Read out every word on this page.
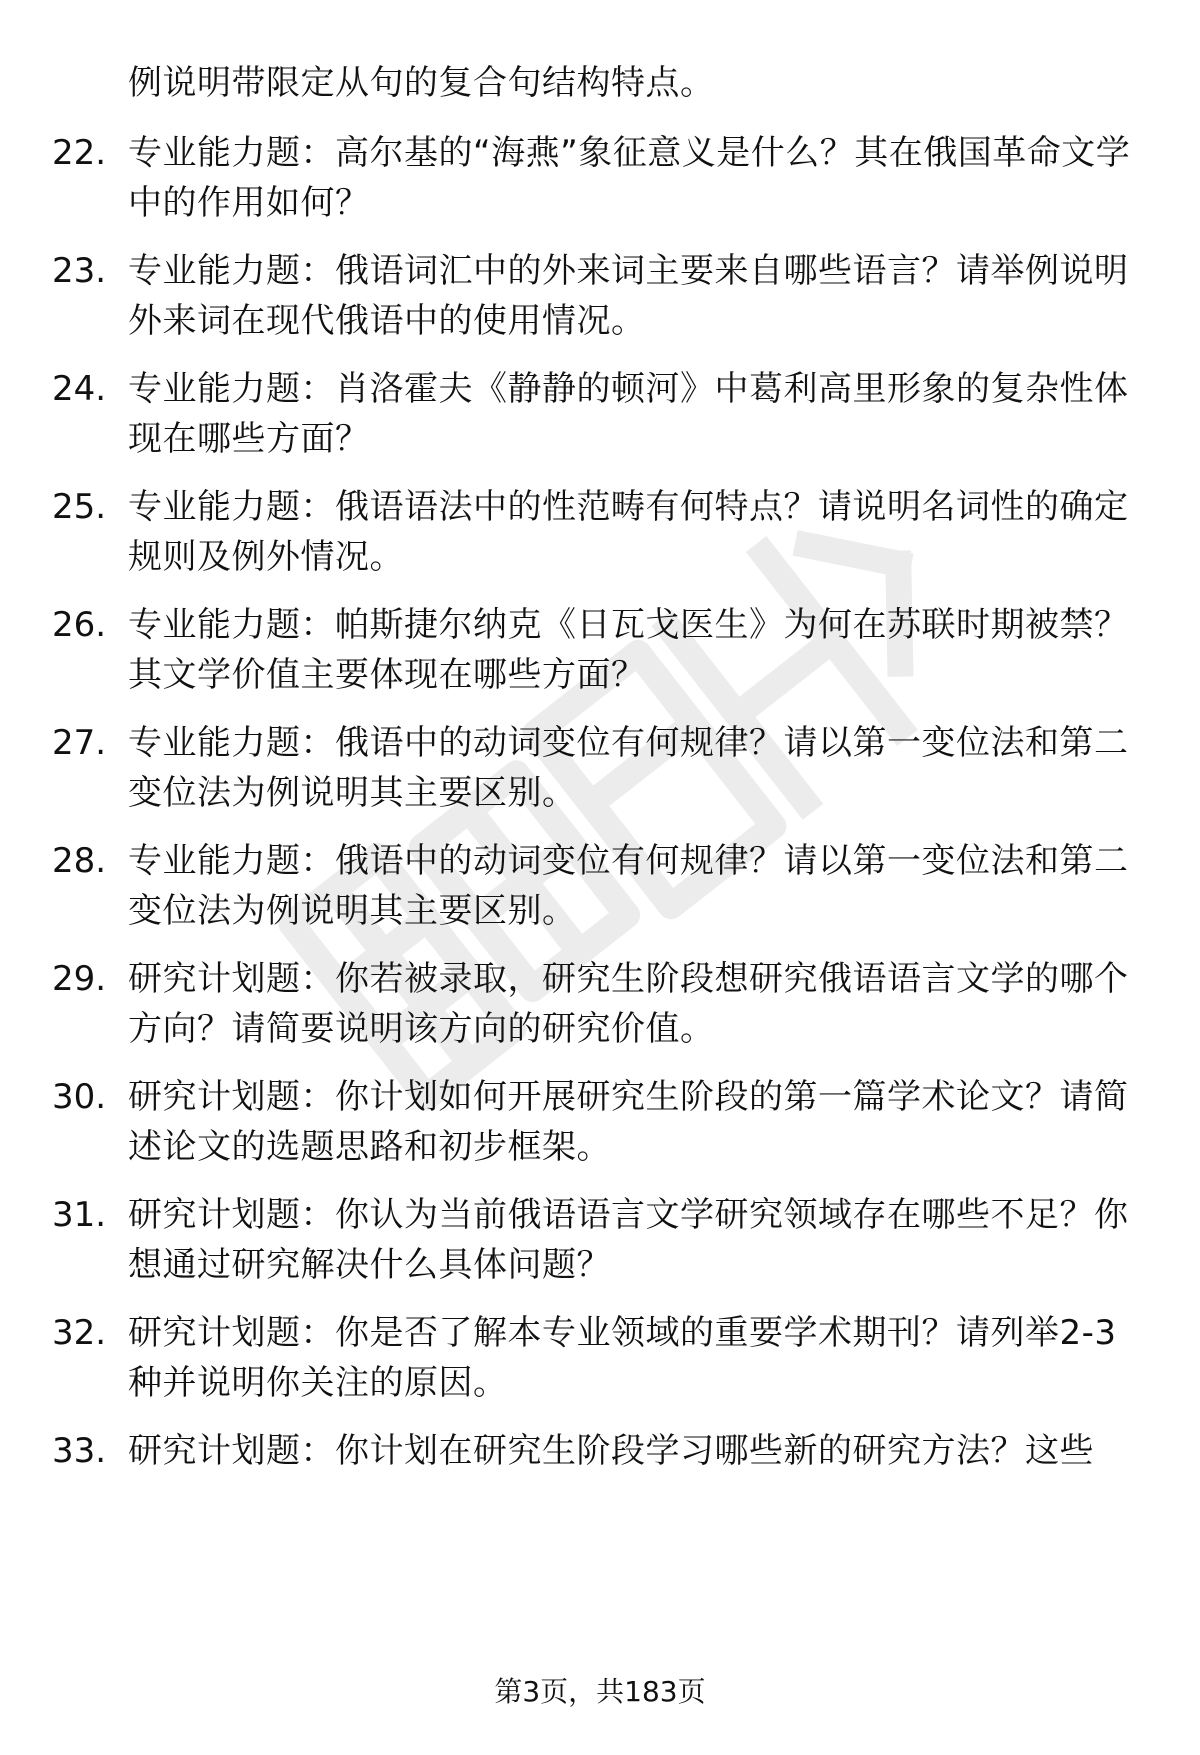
例说明带限定从句的复合句结构特点。
22. 专业能力题：高尔基的“海燕”象征意义是什么？其在俄国革命文学中的作用如何？
23. 专业能力题：俄语词汇中的外来词主要来自哪些语言？请举例说明外来词在现代俄语中的使用情况。
24. 专业能力题：肖洛霍夫《静静的顿河》中葛利高里形象的复杂性体现在哪些方面？
25. 专业能力题：俄语语法中的性范畴有何特点？请说明名词性的确定规则及例外情况。
26. 专业能力题：帕斯捷尔纳克《日瓦戈医生》为何在苏联时期被禁？其文学价值主要体现在哪些方面？
27. 专业能力题：俄语中的动词变位有何规律？请以第一变位法和第二变位法为例说明其主要区别。
28. 专业能力题：俄语中的动词变位有何规律？请以第一变位法和第二变位法为例说明其主要区别。
29. 研究计划题：你若被录取，研究生阶段想研究俄语语言文学的哪个方向？请简要说明该方向的研究价值。
30. 研究计划题：你计划如何开展研究生阶段的第一篇学术论文？请简述论文的选题思路和初步框架。
31. 研究计划题：你认为当前俄语语言文学研究领域存在哪些不足？你想通过研究解决什么具体问题？
32. 研究计划题：你是否了解本专业领域的重要学术期刊？请列举2-3种并说明你关注的原因。
33. 研究计划题：你计划在研究生阶段学习哪些新的研究方法？这些
第3页，共183页
